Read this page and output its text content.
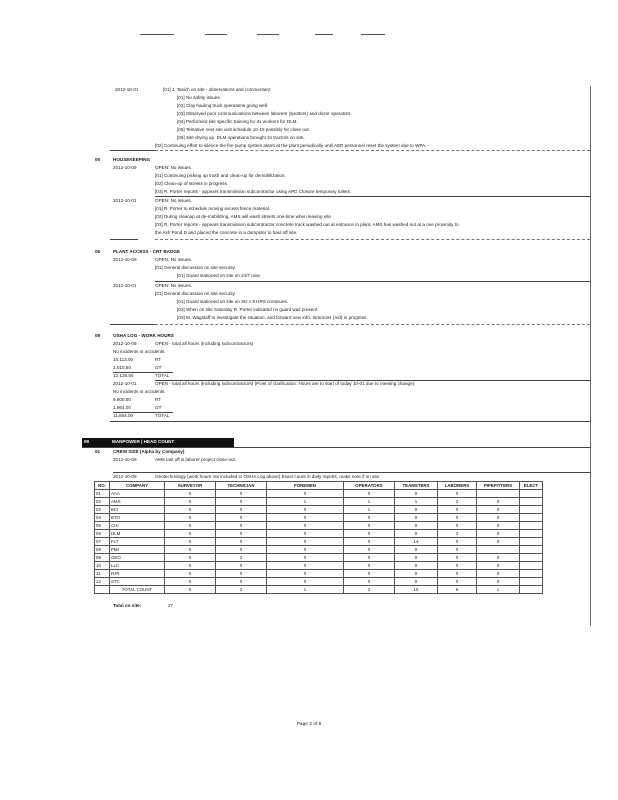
2012-10-01	[01] J. Tasich on site - observations and commentary:
[01] No safety issues.
[02] Clay hauling truck operations going well.
[03] Observed poor communications between laborers (spotters) and dozer operators
[04] Performed site specific training for 4x workers for DLM.
[05] Tentative next site visit schedule 10-15 possibly for close out.
[06] Site drying up. DLM operations brought 2x tractors on site.
[02] Continuing effort to silence the fire pump system alarm at the plant periodically until AER personnel reset the system due to WPA.
05	HOUSEKEEPING
2012-10-09	OPEN: No issues.
[01] Continuing picking up trash and clean-up for demobilization.
[02] Clean-up of streets in progress.
[03] R. Porter reports - appears transmission subcontractor using APD Closure temporary toilets.
2012-10-01	OPEN: No issues.
[01] R. Porter to schedule moving excess fence material.
[02] During cleanup at de-mobilizing, AMS will wash streets one-time when leaving site.
[03] R. Porter reports - appears transmission subcontractor concrete truck washed out at entrance to plant. AMS has washed out at a one proximity to
the Ash Pond D and placed the concrete in a dumpster to haul off site.
06	PLANT ACCESS - CRT BADGE
2012-10-09	OPEN: No issues.
[01] General discussion on site security.
[01] Guard stationed on site on 24/7 now.
2012-10-01	OPEN: No issues.
[01] General discussion on site security.
[01] Guard stationed on site on SD x 8 HRS continues.
[02] When on site Saturday R. Porter indicated no guard was present.
[03] M. Wagstaff to investigate the situation, and forward new info. Simmons (Aid) in progress.
08	OSHA LOG - WORK HOURS
2012-10-09	OPEN - total all hours (including subcontractors)
No incidents or accidents.
10,113.00	RT
2,015.50	OT
12,128.50	TOTAL
2012-10-01	OPEN - total all hours (including subcontractors) (Point of clarification: Hours are to start of today 10-01 due to meeting change).
No incidents or accidents.
9,900.00	RT
1,964.00	OT
11,864.00	TOTAL
09	MANPOWER | HEAD COUNT
01	CREW SIZE (Alpha by Company)
2012-10-09	AMS last off is laborer project close-out.
2012-10-09	Geotechnology (work hours not included in OSHA Log above) Exact count in daily reports, make note if on site.
NO.	COMPANY	SURVEYOR	TECHNICIAN	FOREMEN	OPERATORS	TEAMSTERS	LABORERS	PIPEFITTERS	ELECT
01	AAA	0	0	0	0	0	0		
02	AMS	0	0	1	1	1	2	0	
03	BCI	0	0	0	1	0	0	0	
04	BTO	0	0	0	0	0	0	0	
05	CHI	0	0	0	0	0	0	0	
06	DLM	0	0	0	0	0	3	0	
07	FLT	0	0	0	0	14	0	0	
08	PMI	0	0	0	0	0	0		
09	GEO	0	2	0	0	0	0	0	
10	LLC	0	0	0	0	0	0	0	
11	RJR	0	0	0	0	0	0	0	
12	STC	0	0	0	0	0	0	0	
	TOTAL COUNT	0	2	1	2	15	5	1	
Total on site:	27
Page 2 of 6
